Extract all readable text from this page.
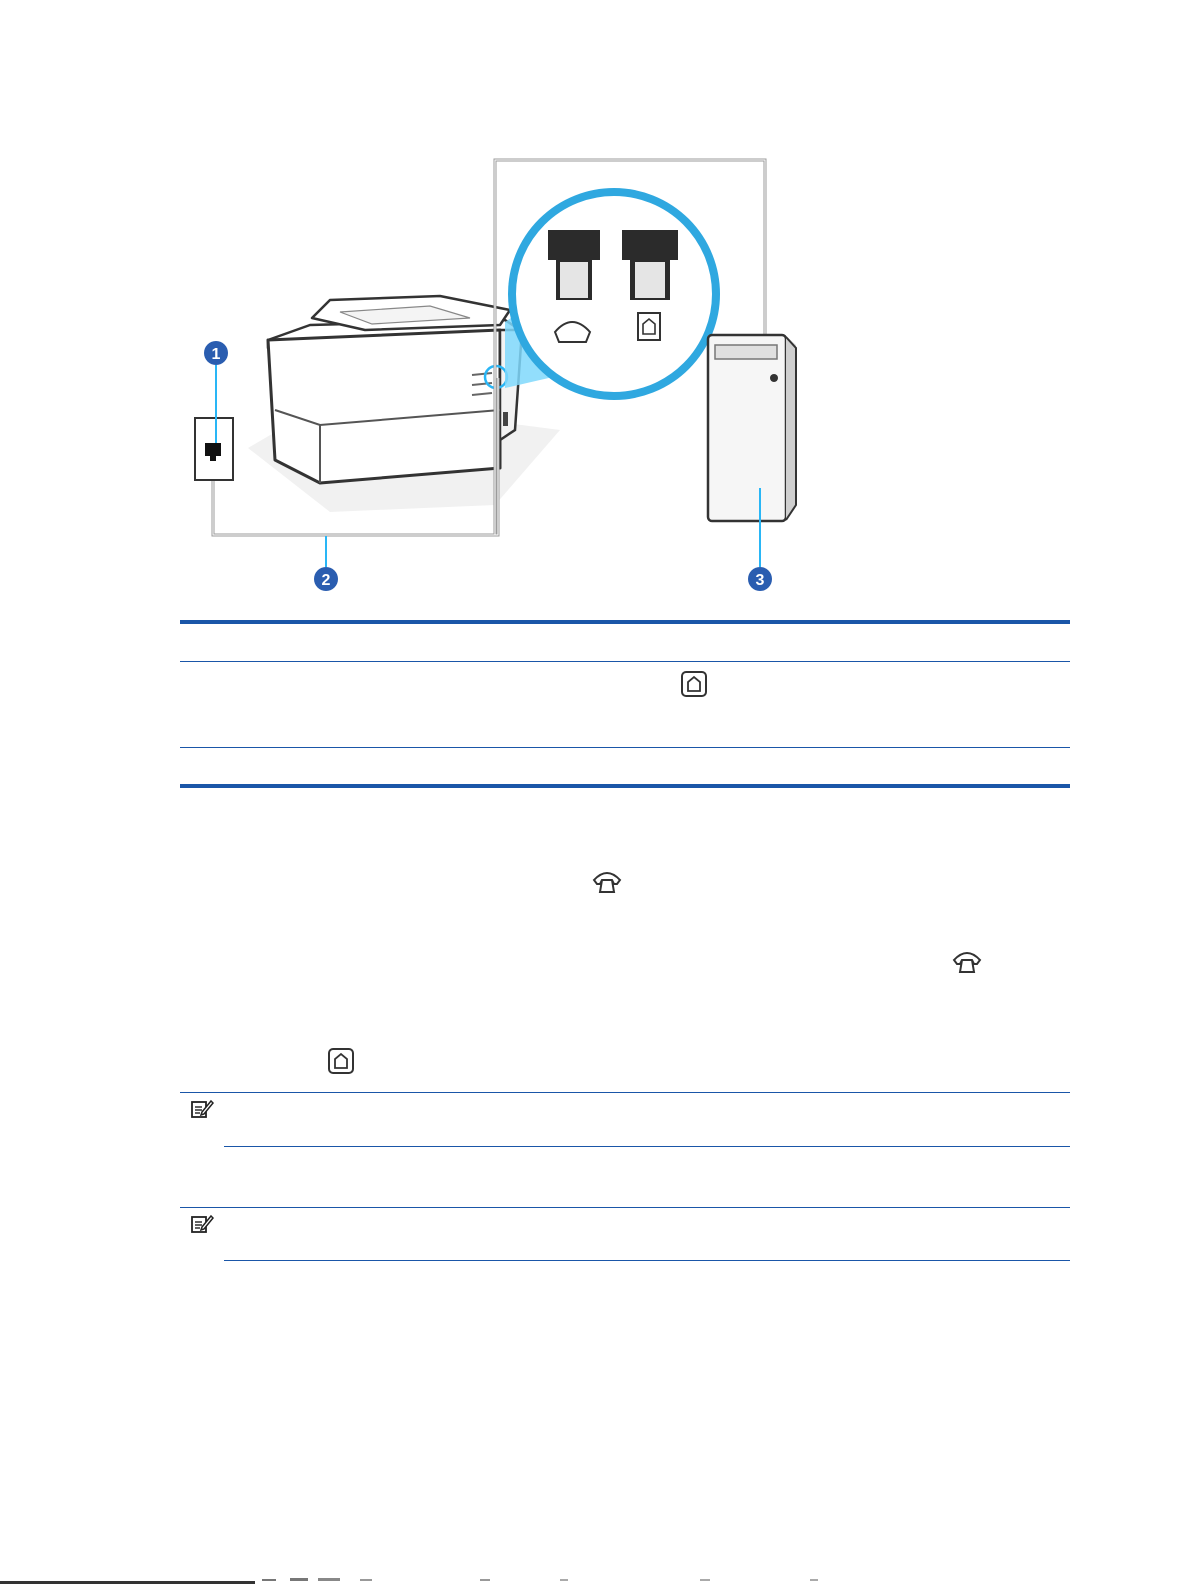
1
2	3
